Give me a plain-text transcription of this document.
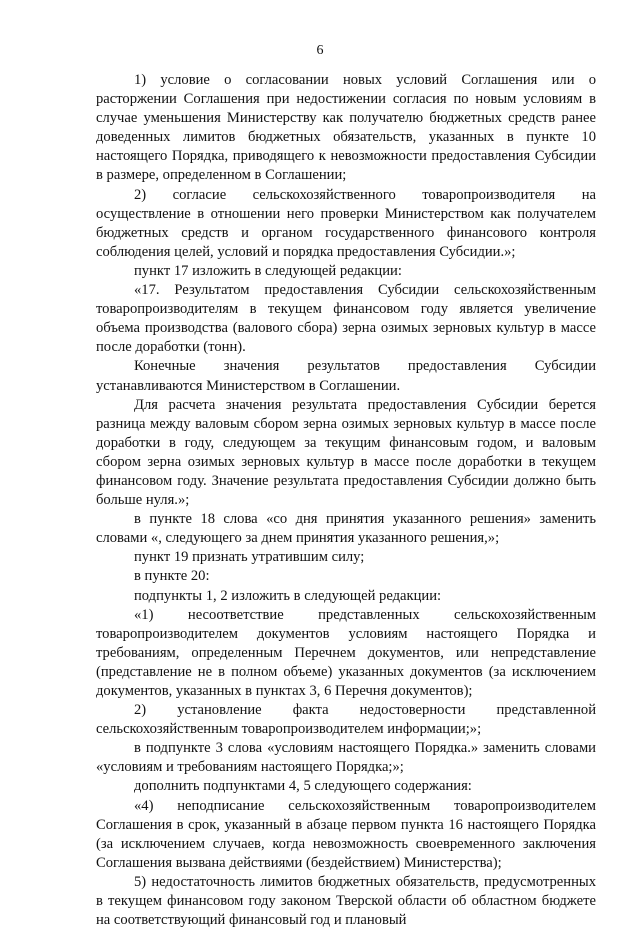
6

1) условие о согласовании новых условий Соглашения или о расторжении Соглашения при недостижении согласия по новым условиям в случае уменьшения Министерству как получателю бюджетных средств ранее доведенных лимитов бюджетных обязательств, указанных в пункте 10 настоящего Порядка, приводящего к невозможности предоставления Субсидии в размере, определенном в Соглашении;

2) согласие сельскохозяйственного товаропроизводителя на осуществление в отношении него проверки Министерством как получателем бюджетных средств и органом государственного финансового контроля соблюдения целей, условий и порядка предоставления Субсидии.»;

пункт 17 изложить в следующей редакции:

«17. Результатом предоставления Субсидии сельскохозяйственным товаропроизводителям в текущем финансовом году является увеличение объема производства (валового сбора) зерна озимых зерновых культур в массе после доработки (тонн).

Конечные значения результатов предоставления Субсидии устанавливаются Министерством в Соглашении.

Для расчета значения результата предоставления Субсидии берется разница между валовым сбором зерна озимых зерновых культур в массе после доработки в году, следующем за текущим финансовым годом, и валовым сбором зерна озимых зерновых культур в массе после доработки в текущем финансовом году. Значение результата предоставления Субсидии должно быть больше нуля.»;

в пункте 18 слова «со дня принятия указанного решения» заменить словами «, следующего за днем принятия указанного решения,»;

пункт 19 признать утратившим силу;

в пункте 20:

подпункты 1, 2 изложить в следующей редакции:

«1) несоответствие представленных сельскохозяйственным товаропроизводителем документов условиям настоящего Порядка и требованиям, определенным Перечнем документов, или непредставление (представление не в полном объеме) указанных документов (за исключением документов, указанных в пунктах 3, 6 Перечня документов);

2) установление факта недостоверности представленной сельскохозяйственным товаропроизводителем информации;»;

в подпункте 3 слова «условиям настоящего Порядка.» заменить словами «условиям и требованиям настоящего Порядка;»;

дополнить подпунктами 4, 5 следующего содержания:

«4) неподписание сельскохозяйственным товаропроизводителем Соглашения в срок, указанный в абзаце первом пункта 16 настоящего Порядка (за исключением случаев, когда невозможность своевременного заключения Соглашения вызвана действиями (бездействием) Министерства);

5) недостаточность лимитов бюджетных обязательств, предусмотренных в текущем финансовом году законом Тверской области об областном бюджете на соответствующий финансовый год и плановый
